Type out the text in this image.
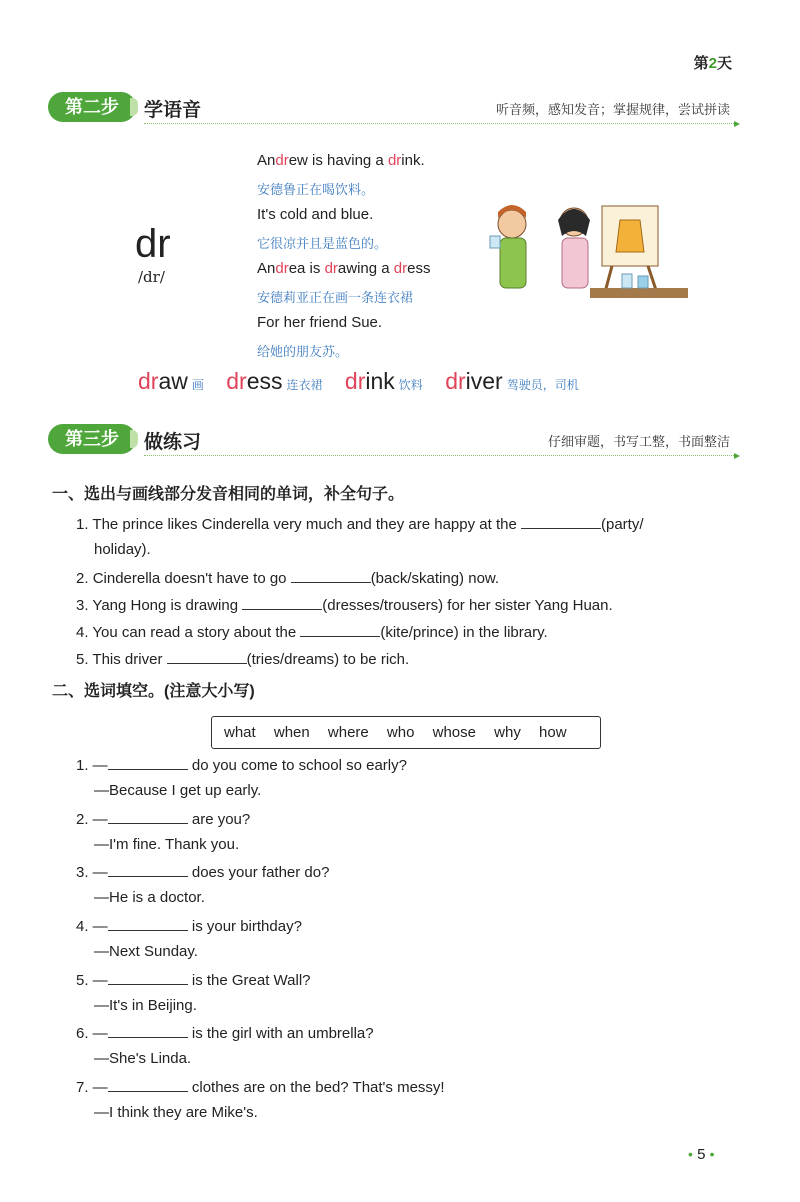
第2天
第二步	学语音	听音频，感知发音；掌握规律，尝试拼读
dr
/dr/
Andrew is having a drink.
安德鲁正在喝饮料。
It's cold and blue.
它很凉并且是蓝色的。
Andrea is drawing a dress
安德莉亚正在画一条连衣裙
For her friend Sue.
给她的朋友苏。
draw 画 dress 连衣裙 drink 饮料 driver 驾驶员，司机
第三步	做练习	仔细审题，书写工整，书面整洁
一、选出与画线部分发音相同的单词，补全句子。
1. The prince likes Cinderella very much and they are happy at the	(party/
holiday).
2. Cinderella doesn't have to go	(back/skating) now.
3. Yang Hong is drawing	(dresses/trousers) for her sister Yang Huan.
4. You can read a story about the	(kite/prince) in the library.
5. This driver	(tries/dreams) to be rich.
二、选词填空。(注意大小写)
what when where who whose why how
1. —	do you come to school so early?
—Because I get up early.
2. —	are you?
—I'm fine. Thank you.
3. —	does your father do?
—He is a doctor.
4. —	is your birthday?
—Next Sunday.
5. —	is the Great Wall?
—It's in Beijing.
6. —	is the girl with an umbrella?
—She's Linda.
7. —	clothes are on the bed? That's messy!
—I think they are Mike's.
• 5 •
